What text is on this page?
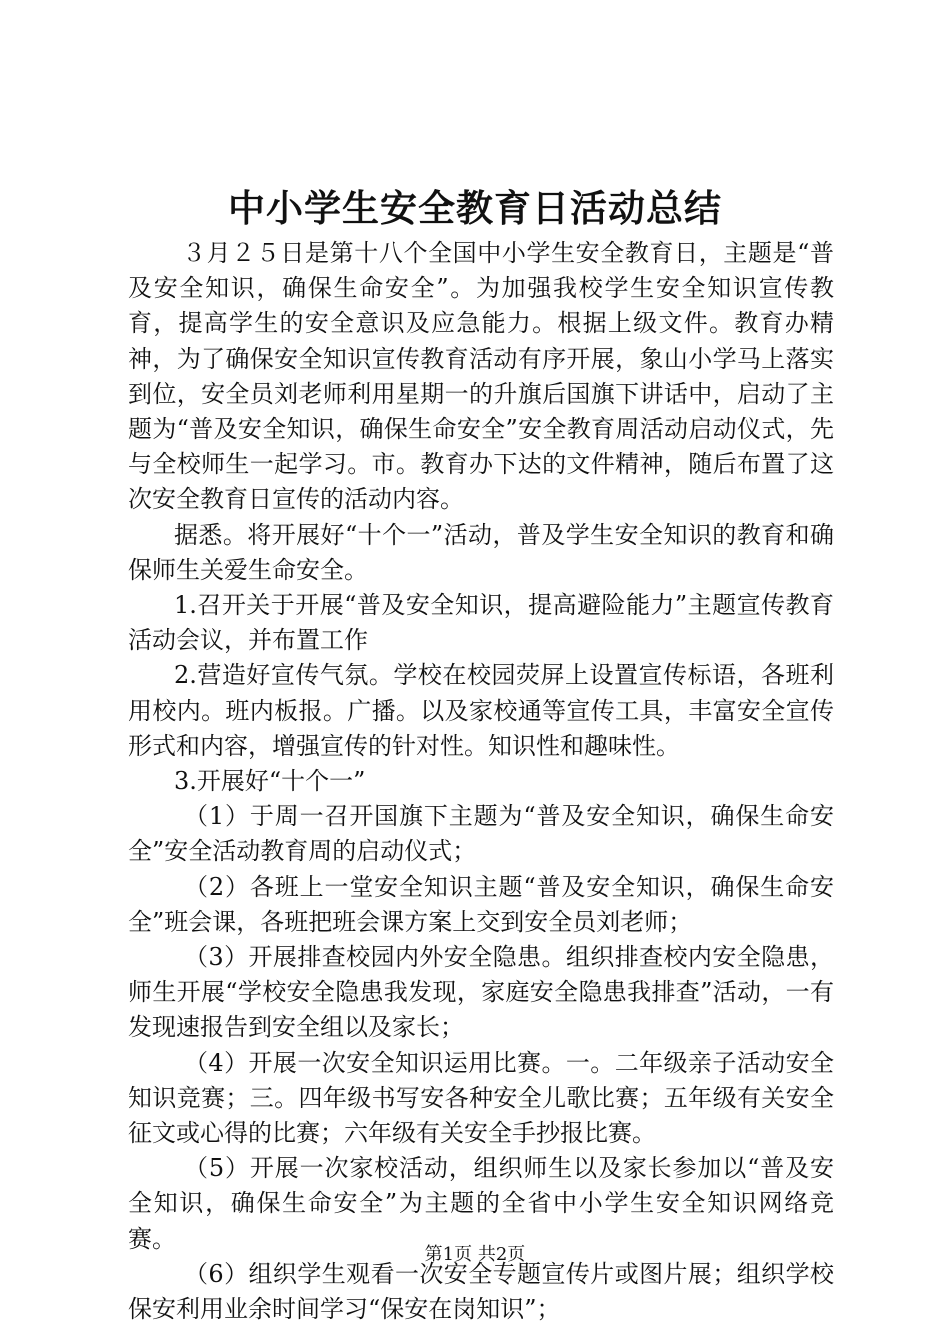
中小学生安全教育日活动总结

３月２５日是第十八个全国中小学生安全教育日，主题是“普及安全知识，确保生命安全”。为加强我校学生安全知识宣传教育，提高学生的安全意识及应急能力。根据上级文件。教育办精神，为了确保安全知识宣传教育活动有序开展，象山小学马上落实到位，安全员刘老师利用星期一的升旗后国旗下讲话中，启动了主题为“普及安全知识，确保生命安全”安全教育周活动启动仪式，先与全校师生一起学习。市。教育办下达的文件精神，随后布置了这次安全教育日宣传的活动内容。

据悉。将开展好“十个一”活动，普及学生安全知识的教育和确保师生关爱生命安全。

1.召开关于开展“普及安全知识，提高避险能力”主题宣传教育活动会议，并布置工作

2.营造好宣传气氛。学校在校园荧屏上设置宣传标语，各班利用校内。班内板报。广播。以及家校通等宣传工具，丰富安全宣传形式和内容，增强宣传的针对性。知识性和趣味性。

3.开展好“十个一”

（1）于周一召开国旗下主题为“普及安全知识，确保生命安全”安全活动教育周的启动仪式；

（2）各班上一堂安全知识主题“普及安全知识，确保生命安全”班会课，各班把班会课方案上交到安全员刘老师；

（3）开展排查校园内外安全隐患。组织排查校内安全隐患，师生开展“学校安全隐患我发现，家庭安全隐患我排查”活动，一有发现速报告到安全组以及家长；

（4）开展一次安全知识运用比赛。一。二年级亲子活动安全知识竞赛；三。四年级书写安各种安全儿歌比赛；五年级有关安全征文或心得的比赛；六年级有关安全手抄报比赛。

（5）开展一次家校活动，组织师生以及家长参加以“普及安全知识，确保生命安全”为主题的全省中小学生安全知识网络竞赛。

（6）组织学生观看一次安全专题宣传片或图片展；组织学校保安利用业余时间学习“保安在岗知识”；

第1页 共2页
